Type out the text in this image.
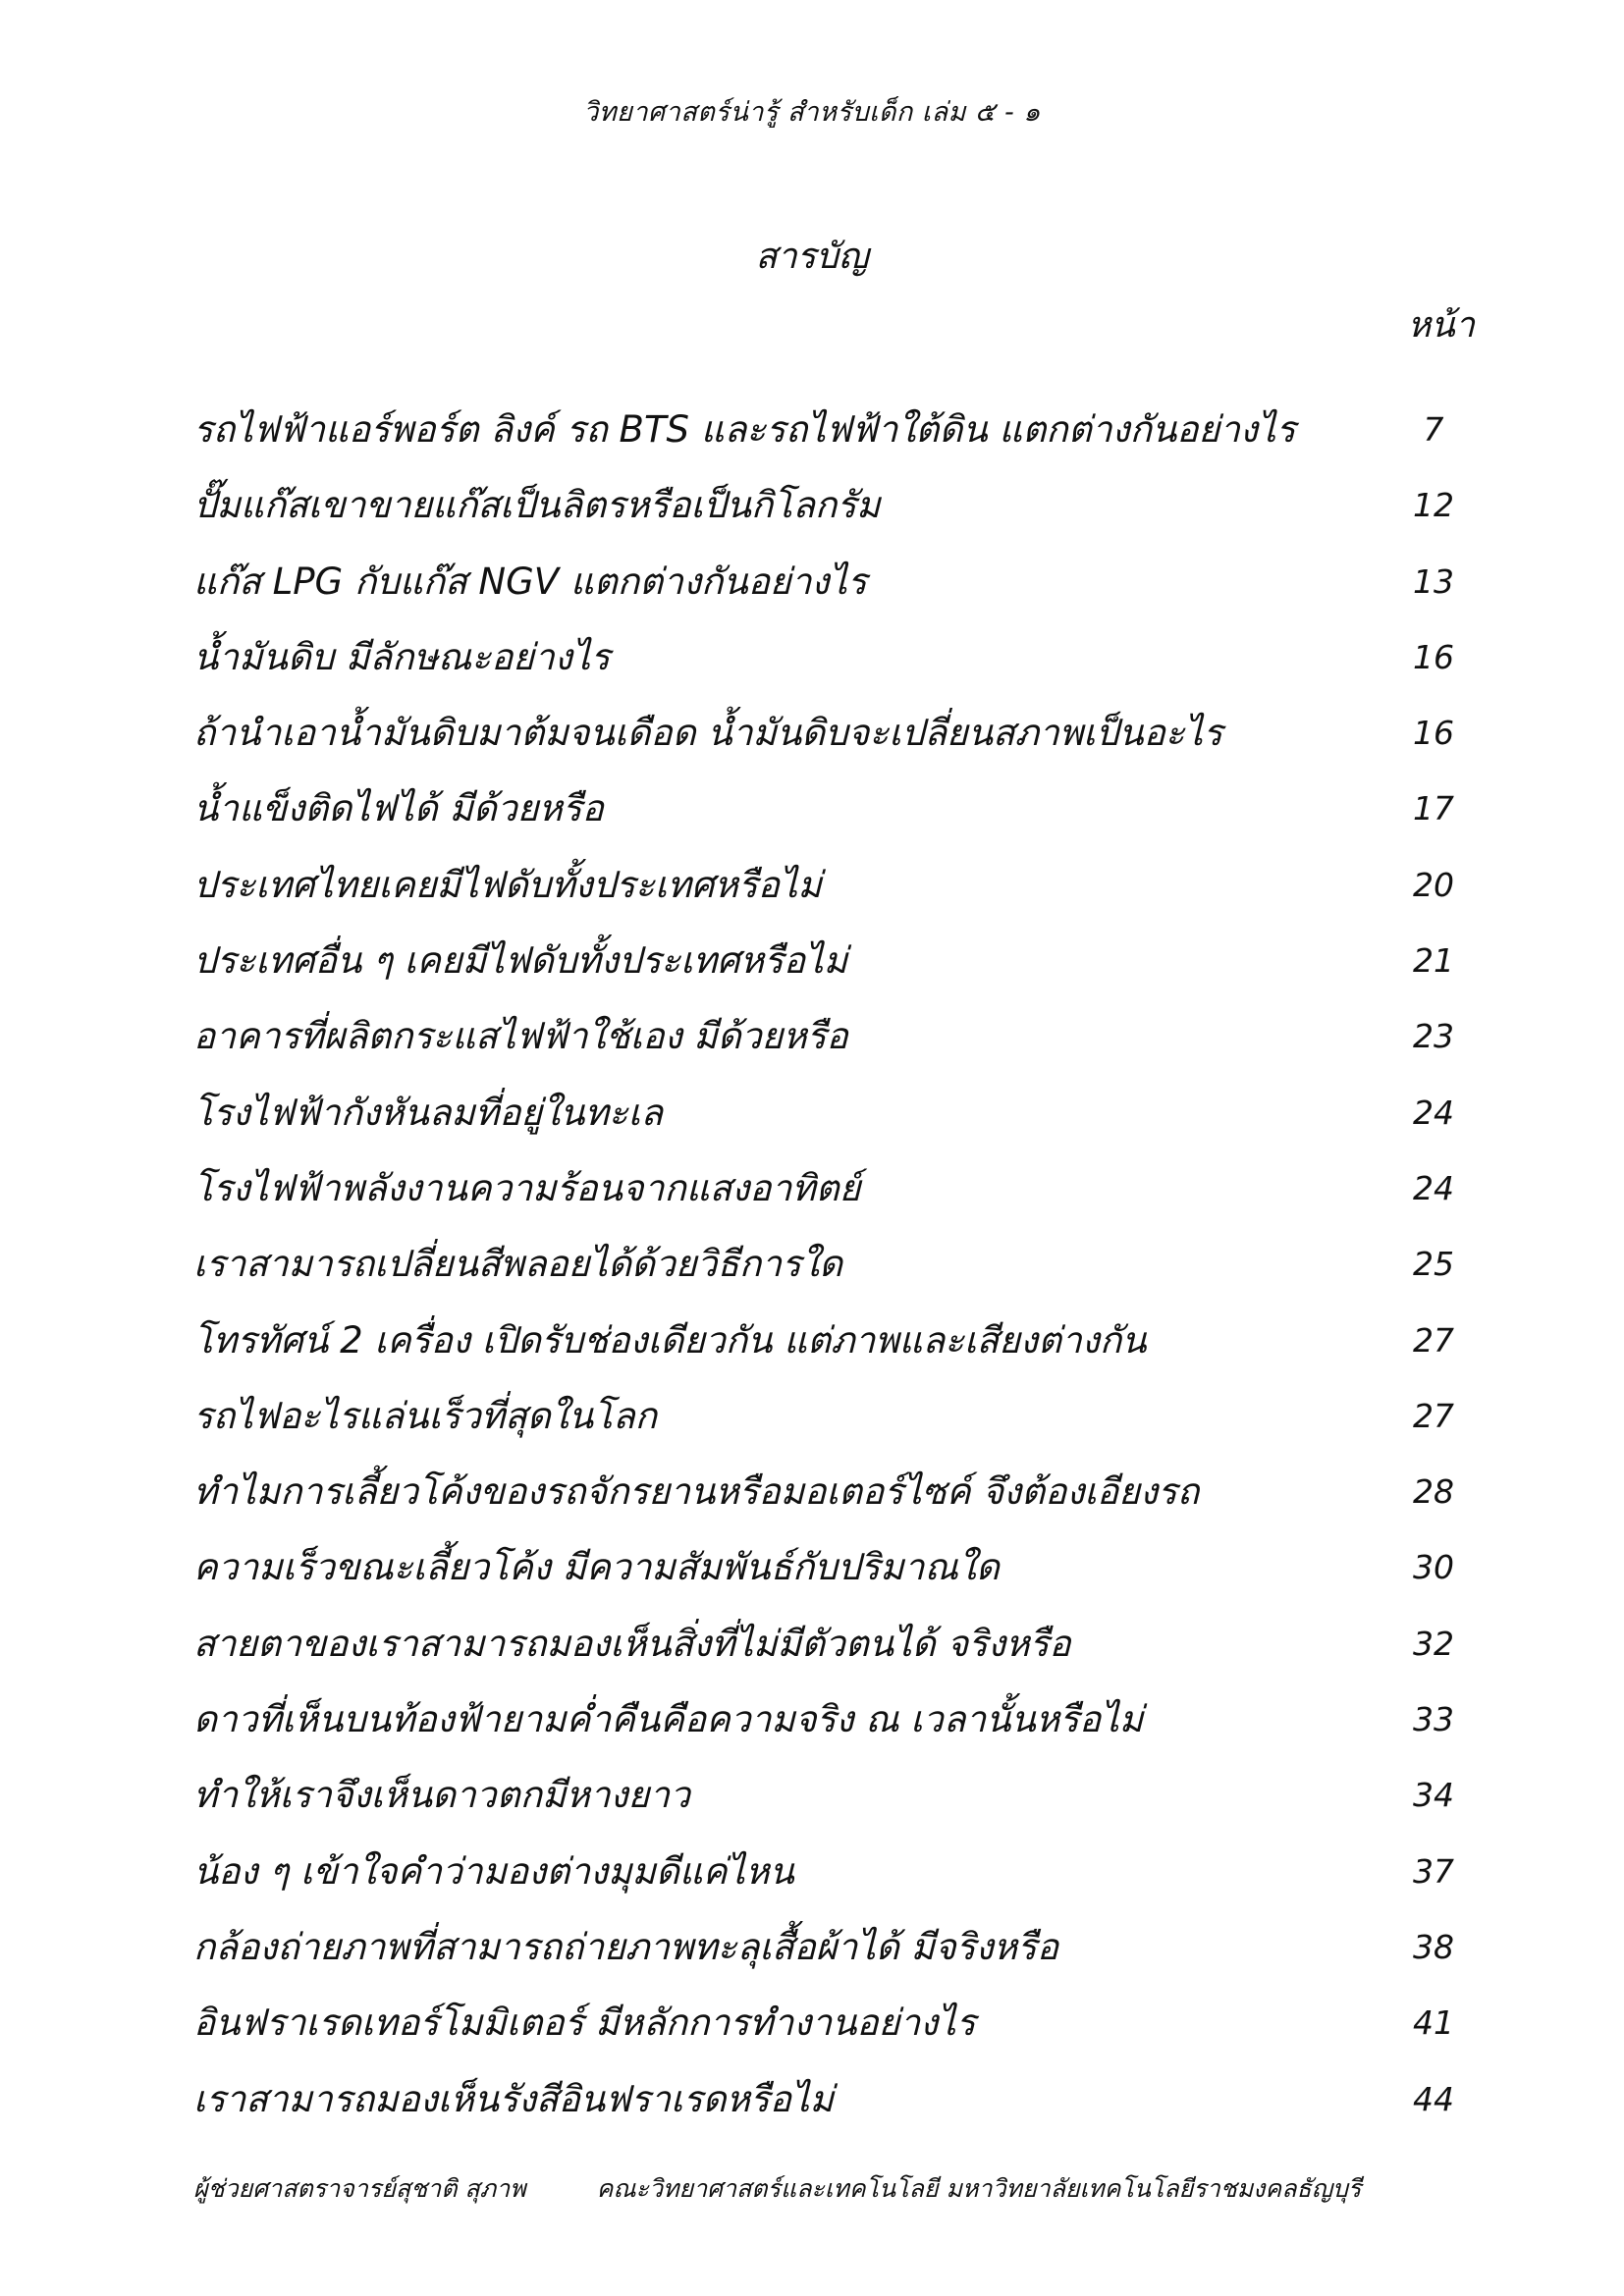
วิทยาศาสตร์น่ารู้ สำหรับเด็ก เล่ม ๕ - ๑
สารบัญ
หน้า
รถไฟฟ้าแอร์พอร์ต ลิงค์ รถ BTS และรถไฟฟ้าใต้ดิน แตกต่างกันอย่างไร	7
ปั๊มแก๊สเขาขายแก๊สเป็นลิตรหรือเป็นกิโลกรัม	12
แก๊ส LPG กับแก๊ส NGV แตกต่างกันอย่างไร	13
น้ำมันดิบ มีลักษณะอย่างไร	16
ถ้านำเอาน้ำมันดิบมาต้มจนเดือด น้ำมันดิบจะเปลี่ยนสภาพเป็นอะไร	16
น้ำแข็งติดไฟได้ มีด้วยหรือ	17
ประเทศไทยเคยมีไฟดับทั้งประเทศหรือไม่	20
ประเทศอื่น ๆ เคยมีไฟดับทั้งประเทศหรือไม่	21
อาคารที่ผลิตกระแสไฟฟ้าใช้เอง มีด้วยหรือ	23
โรงไฟฟ้ากังหันลมที่อยู่ในทะเล	24
โรงไฟฟ้าพลังงานความร้อนจากแสงอาทิตย์	24
เราสามารถเปลี่ยนสีพลอยได้ด้วยวิธีการใด	25
โทรทัศน์ 2 เครื่อง เปิดรับช่องเดียวกัน แต่ภาพและเสียงต่างกัน	27
รถไฟอะไรแล่นเร็วที่สุดในโลก	27
ทำไมการเลี้ยวโค้งของรถจักรยานหรือมอเตอร์ไซค์ จึงต้องเอียงรถ	28
ความเร็วขณะเลี้ยวโค้ง มีความสัมพันธ์กับปริมาณใด	30
สายตาของเราสามารถมองเห็นสิ่งที่ไม่มีตัวตนได้ จริงหรือ	32
ดาวที่เห็นบนท้องฟ้ายามค่ำคืนคือความจริง ณ เวลานั้นหรือไม่	33
ทำให้เราจึงเห็นดาวตกมีหางยาว	34
น้อง ๆ เข้าใจคำว่ามองต่างมุมดีแค่ไหน	37
กล้องถ่ายภาพที่สามารถถ่ายภาพทะลุเสื้อผ้าได้ มีจริงหรือ	38
อินฟราเรดเทอร์โมมิเตอร์ มีหลักการทำงานอย่างไร	41
เราสามารถมองเห็นรังสีอินฟราเรดหรือไม่	44
ผู้ช่วยศาสตราจารย์สุชาติ สุภาพ	คณะวิทยาศาสตร์และเทคโนโลยี มหาวิทยาลัยเทคโนโลยีราชมงคลธัญบุรี
